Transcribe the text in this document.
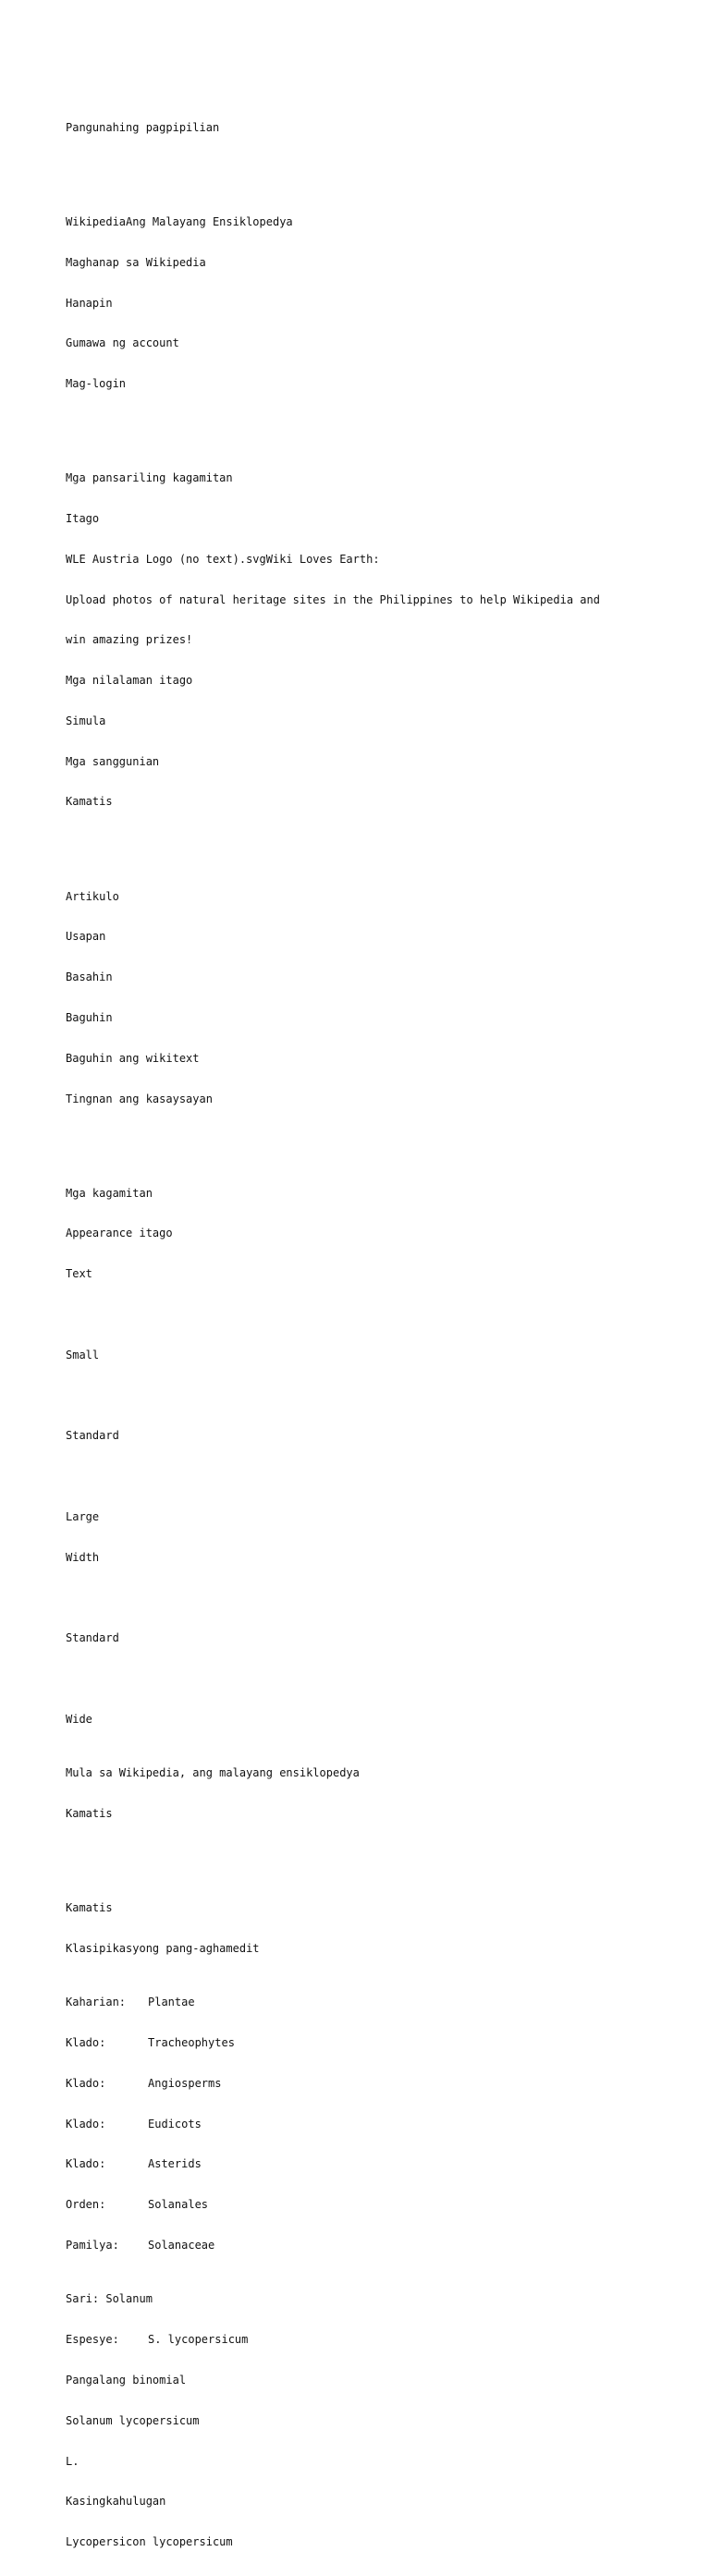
Pangunahing pagpipilian

WikipediaAng Malayang Ensiklopedya

Maghanap sa Wikipedia

Hanapin

Gumawa ng account

Mag-login

Mga pansariling kagamitan

Itago

WLE Austria Logo (no text).svgWiki Loves Earth:

Upload photos of natural heritage sites in the Philippines to help Wikipedia and

win amazing prizes!

Mga nilalaman itago

Simula

Mga sanggunian

Kamatis

Artikulo

Usapan

Basahin

Baguhin

Baguhin ang wikitext

Tingnan ang kasaysayan

Mga kagamitan

Appearance itago

Text

Small

Standard

Large

Width

Standard

Wide

Mula sa Wikipedia, ang malayang ensiklopedya

Kamatis

Kamatis

Klasipikasyong pang-aghamedit

Kaharian: Plantae

Klado:	Tracheophytes

Klado:	Angiosperms

Klado:	Eudicots

Klado:	Asterids

Orden:	Solanales

Pamilya:	Solanaceae

Sari: Solanum

Espesye:	S. lycopersicum

Pangalang binomial

Solanum lycopersicum

L.

Kasingkahulugan

Lycopersicon lycopersicum
